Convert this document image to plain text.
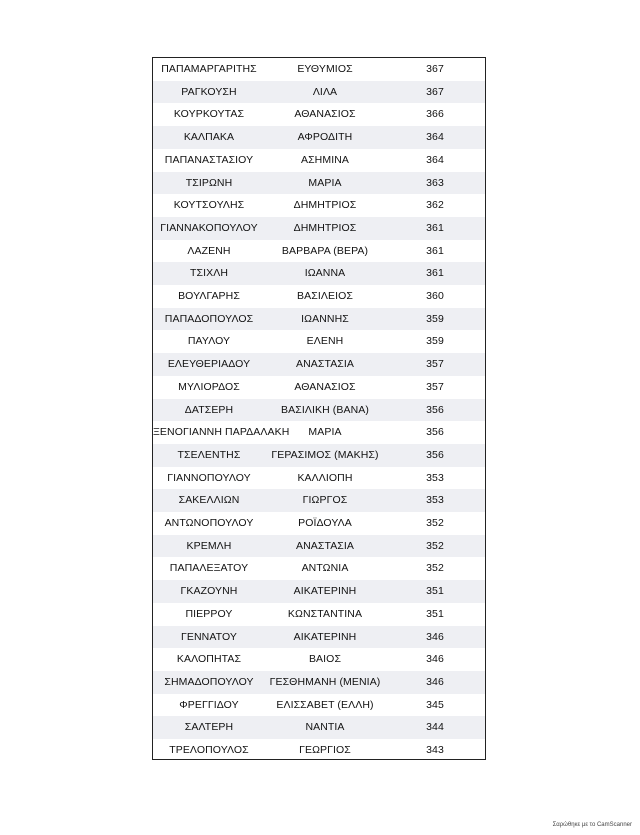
ΠΑΠΑΜΑΡΓΑΡΙΤΗΣ	ΕΥΘΥΜΙΟΣ	367
ΡΑΓΚΟΥΣΗ	ΛΙΛΑ	367
ΚΟΥΡΚΟΥΤΑΣ	ΑΘΑΝΑΣΙΟΣ	366
ΚΑΛΠΑΚΑ	ΑΦΡΟΔΙΤΗ	364
ΠΑΠΑΝΑΣΤΑΣΙΟΥ	ΑΣΗΜΙΝΑ	364
ΤΣΙΡΩΝΗ	ΜΑΡΙΑ	363
ΚΟΥΤΣΟΥΛΗΣ	ΔΗΜΗΤΡΙΟΣ	362
ΓΙΑΝΝΑΚΟΠΟΥΛΟΥ	ΔΗΜΗΤΡΙΟΣ	361
ΛΑΖΕΝΗ	ΒΑΡΒΑΡΑ (ΒΕΡΑ)	361
ΤΣΙΧΛΗ	ΙΩΑΝΝΑ	361
ΒΟΥΛΓΑΡΗΣ	ΒΑΣΙΛΕΙΟΣ	360
ΠΑΠΑΔΟΠΟΥΛΟΣ	ΙΩΑΝΝΗΣ	359
ΠΑΥΛΟΥ	ΕΛΕΝΗ	359
ΕΛΕΥΘΕΡΙΑΔΟΥ	ΑΝΑΣΤΑΣΙΑ	357
ΜΥΛΙΟΡΔΟΣ	ΑΘΑΝΑΣΙΟΣ	357
ΔΑΤΣΕΡΗ	ΒΑΣΙΛΙΚΗ (ΒΑΝΑ)	356
ΞΕΝΟΓΙΑΝΝΗ ΠΑΡΔΑΛΑΚΗ	ΜΑΡΙΑ	356
ΤΣΕΛΕΝΤΗΣ	ΓΕΡΑΣΙΜΟΣ (ΜΑΚΗΣ)	356
ΓΙΑΝΝΟΠΟΥΛΟΥ	ΚΑΛΛΙΟΠΗ	353
ΣΑΚΕΛΛΙΩΝ	ΓΙΩΡΓΟΣ	353
ΑΝΤΩΝΟΠΟΥΛΟΥ	ΡΟΪΔΟΥΛΑ	352
ΚΡΕΜΛΗ	ΑΝΑΣΤΑΣΙΑ	352
ΠΑΠΑΛΕΞΑΤΟΥ	ΑΝΤΩΝΙΑ	352
ΓΚΑΖΟΥΝΗ	ΑΙΚΑΤΕΡΙΝΗ	351
ΠΙΕΡΡΟΥ	ΚΩΝΣΤΑΝΤΙΝΑ	351
ΓΕΝΝΑΤΟΥ	ΑΙΚΑΤΕΡΙΝΗ	346
ΚΑΛΟΠΗΤΑΣ	ΒΑΙΟΣ	346
ΣΗΜΑΔΟΠΟΥΛΟΥ	ΓΕΣΘΗΜΑΝΗ (ΜΕΝΙΑ)	346
ΦΡΕΓΓΙΔΟΥ	ΕΛΙΣΣΑΒΕΤ (ΕΛΛΗ)	345
ΣΑΛΤΕΡΗ	ΝΑΝΤΙΑ	344
ΤΡΕΛΟΠΟΥΛΟΣ	ΓΕΩΡΓΙΟΣ	343
Σαρώθηκε με το CamScanner
